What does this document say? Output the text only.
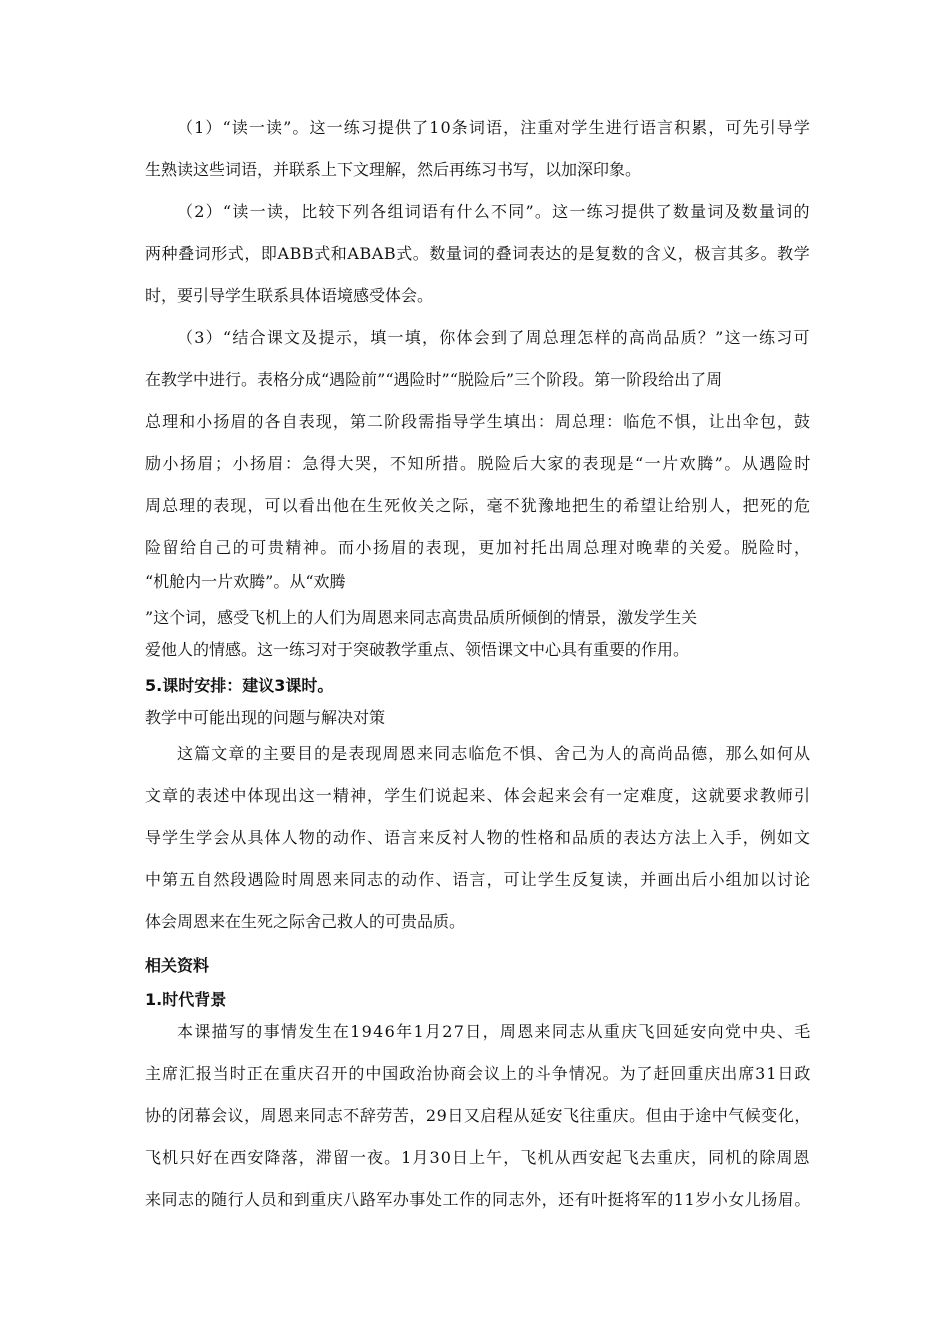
（1）“读一读”。这一练习提供了10条词语，注重对学生进行语言积累，可先引导学
生熟读这些词语，并联系上下文理解，然后再练习书写，以加深印象。
（2）“读一读，比较下列各组词语有什么不同”。这一练习提供了数量词及数量词的
两种叠词形式，即ABB式和ABAB式。数量词的叠词表达的是复数的含义，极言其多。教学
时，要引导学生联系具体语境感受体会。
（3）“结合课文及提示，填一填，你体会到了周总理怎样的高尚品质？”这一练习可
在教学中进行。表格分成“遇险前”“遇险时”“脱险后”三个阶段。第一阶段给出了周
总理和小扬眉的各自表现，第二阶段需指导学生填出：周总理：临危不惧，让出伞包，鼓
励小扬眉；小扬眉：急得大哭，不知所措。脱险后大家的表现是“一片欢腾”。从遇险时
周总理的表现，可以看出他在生死攸关之际，毫不犹豫地把生的希望让给别人，把死的危
险留给自己的可贵精神。而小扬眉的表现，更加衬托出周总理对晚辈的关爱。脱险时，
“机舱内一片欢腾”。从“欢腾
”这个词，感受飞机上的人们为周恩来同志高贵品质所倾倒的情景，激发学生关
爱他人的情感。这一练习对于突破教学重点、领悟课文中心具有重要的作用。
5.课时安排：建议3课时。
教学中可能出现的问题与解决对策
这篇文章的主要目的是表现周恩来同志临危不惧、舍己为人的高尚品德，那么如何从
文章的表述中体现出这一精神，学生们说起来、体会起来会有一定难度，这就要求教师引
导学生学会从具体人物的动作、语言来反衬人物的性格和品质的表达方法上入手，例如文
中第五自然段遇险时周恩来同志的动作、语言，可让学生反复读，并画出后小组加以讨论
体会周恩来在生死之际舍己救人的可贵品质。
相关资料
1.时代背景
本课描写的事情发生在1946年1月27日，周恩来同志从重庆飞回延安向党中央、毛
主席汇报当时正在重庆召开的中国政治协商会议上的斗争情况。为了赶回重庆出席31日政
协的闭幕会议，周恩来同志不辞劳苦，29日又启程从延安飞往重庆。但由于途中气候变化，
飞机只好在西安降落，滞留一夜。1月30日上午，飞机从西安起飞去重庆，同机的除周恩
来同志的随行人员和到重庆八路军办事处工作的同志外，还有叶挺将军的11岁小女儿扬眉。
